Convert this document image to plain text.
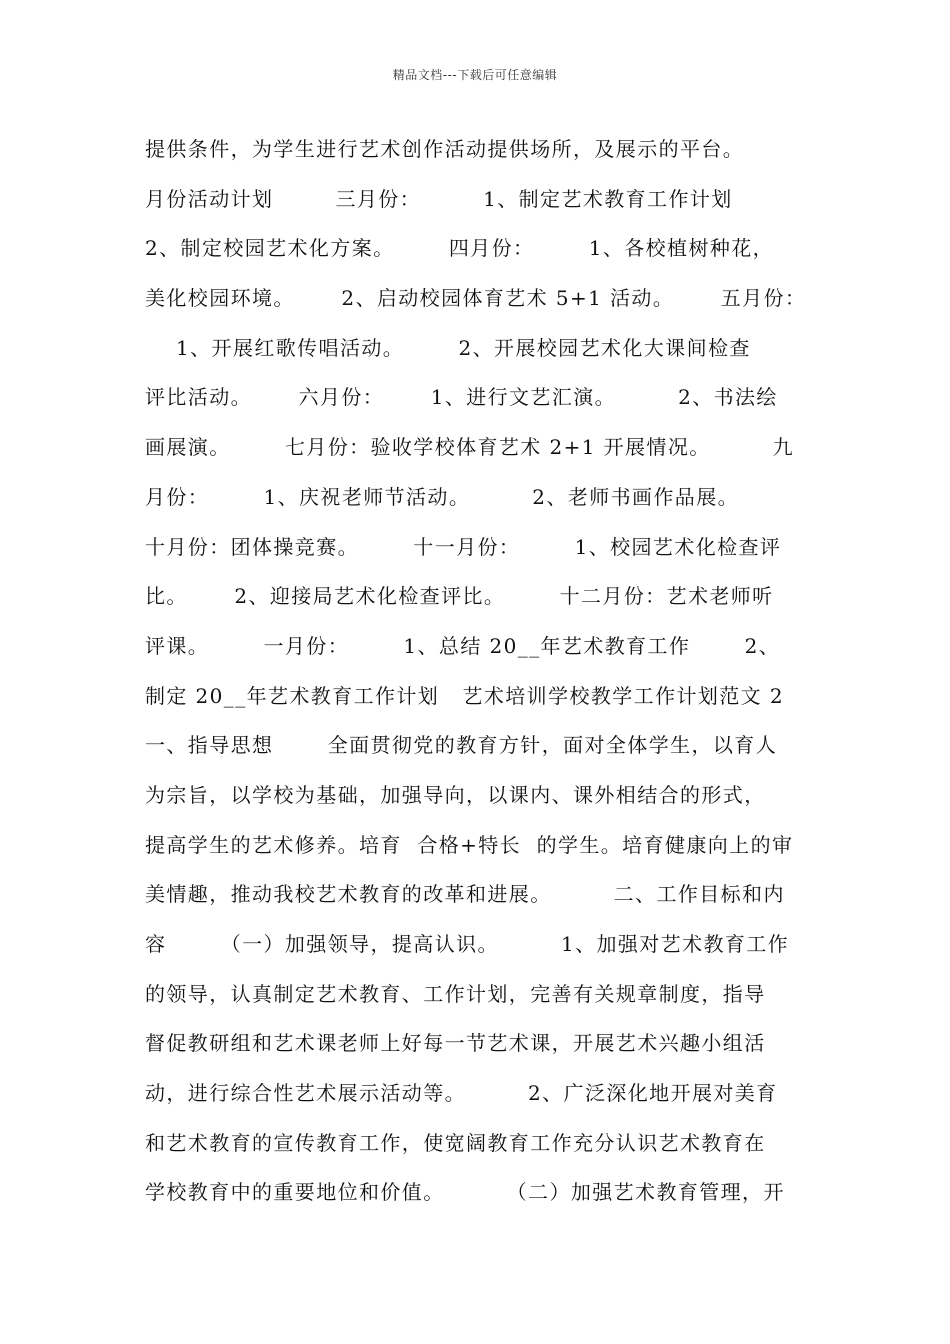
精品文档---下载后可任意编辑
提供条件，为学生进行艺术创作活动提供场所，及展示的平台。
月份活动计划        三月份：        1、制定艺术教育工作计划
2、制定校园艺术化方案。       四月份：       1、各校植树种花，
美化校园环境。      2、启动校园体育艺术 5+1 活动。      五月份：
1、开展红歌传唱活动。       2、开展校园艺术化大课间检查
评比活动。      六月份：      1、进行文艺汇演。        2、书法绘
画展演。       七月份：验收学校体育艺术 2+1 开展情况。        九
月份：       1、庆祝老师节活动。        2、老师书画作品展。
十月份：团体操竞赛。       十一月份：       1、校园艺术化检查评
比。      2、迎接局艺术化检查评比。       十二月份：艺术老师听
评课。       一月份：       1、总结 20__年艺术教育工作       2、
制定 20__年艺术教育工作计划   艺术培训学校教学工作计划范文 2
一、指导思想       全面贯彻党的教育方针，面对全体学生，以育人
为宗旨，以学校为基础，加强导向，以课内、课外相结合的形式，
提高学生的艺术修养。培育  合格+特长  的学生。培育健康向上的审
美情趣，推动我校艺术教育的改革和进展。        二、工作目标和内
容       （一）加强领导，提高认识。        1、加强对艺术教育工作
的领导，认真制定艺术教育、工作计划，完善有关规章制度，指导
督促教研组和艺术课老师上好每一节艺术课，开展艺术兴趣小组活
动，进行综合性艺术展示活动等。        2、广泛深化地开展对美育
和艺术教育的宣传教育工作，使宽阔教育工作充分认识艺术教育在
学校教育中的重要地位和价值。        （二）加强艺术教育管理，开
